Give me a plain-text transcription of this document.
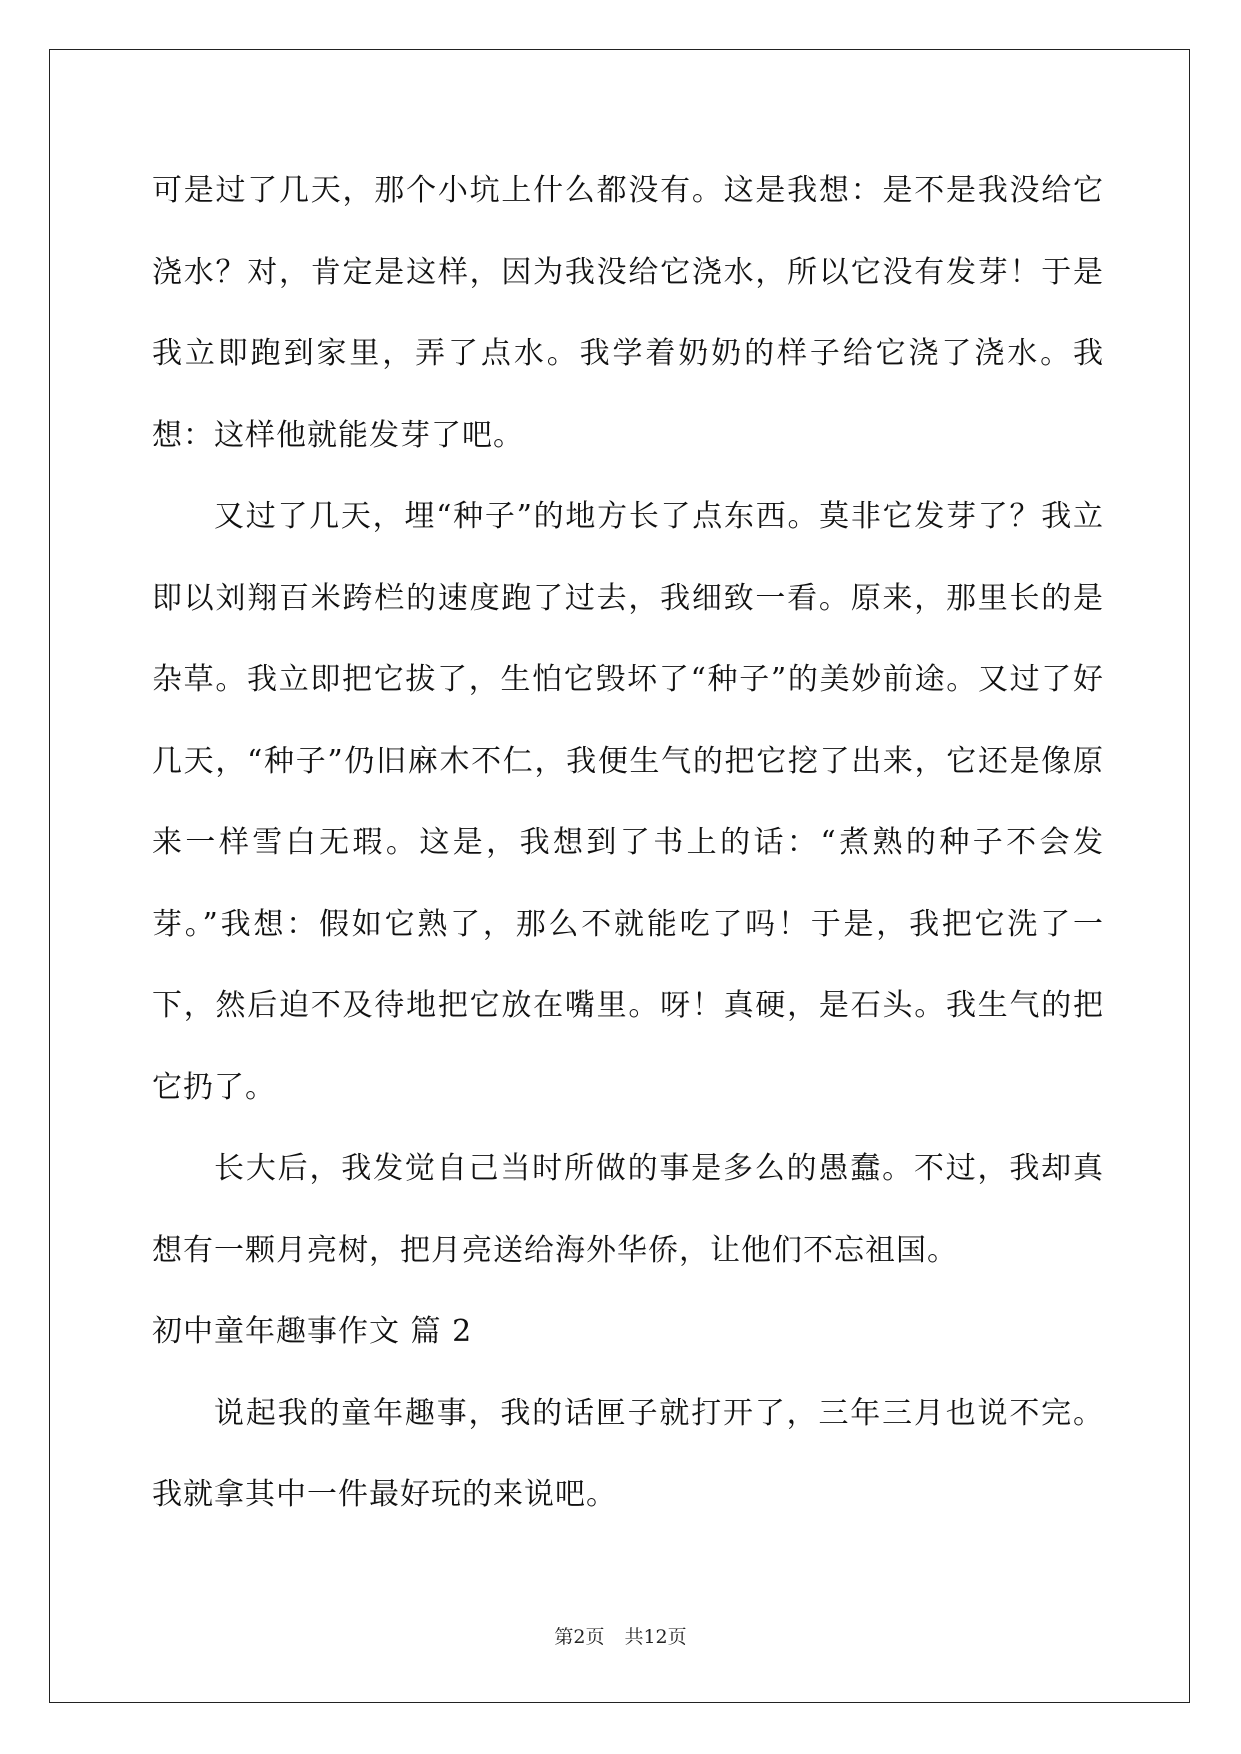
可是过了几天，那个小坑上什么都没有。这是我想：是不是我没给它浇水？对，肯定是这样，因为我没给它浇水，所以它没有发芽！于是我立即跑到家里，弄了点水。我学着奶奶的样子给它浇了浇水。我想：这样他就能发芽了吧。

又过了几天，埋“种子”的地方长了点东西。莫非它发芽了？我立即以刘翔百米跨栏的速度跑了过去，我细致一看。原来，那里长的是杂草。我立即把它拔了，生怕它毁坏了“种子”的美妙前途。又过了好几天，“种子”仍旧麻木不仁，我便生气的把它挖了出来，它还是像原来一样雪白无瑕。这是，我想到了书上的话：“煮熟的种子不会发芽。”我想：假如它熟了，那么不就能吃了吗！于是，我把它洗了一下，然后迫不及待地把它放在嘴里。呀！真硬，是石头。我生气的把它扔了。

长大后，我发觉自己当时所做的事是多么的愚蠢。不过，我却真想有一颗月亮树，把月亮送给海外华侨，让他们不忘祖国。

初中童年趣事作文 篇 2

说起我的童年趣事，我的话匣子就打开了，三年三月也说不完。我就拿其中一件最好玩的来说吧。

第2页 共12页
